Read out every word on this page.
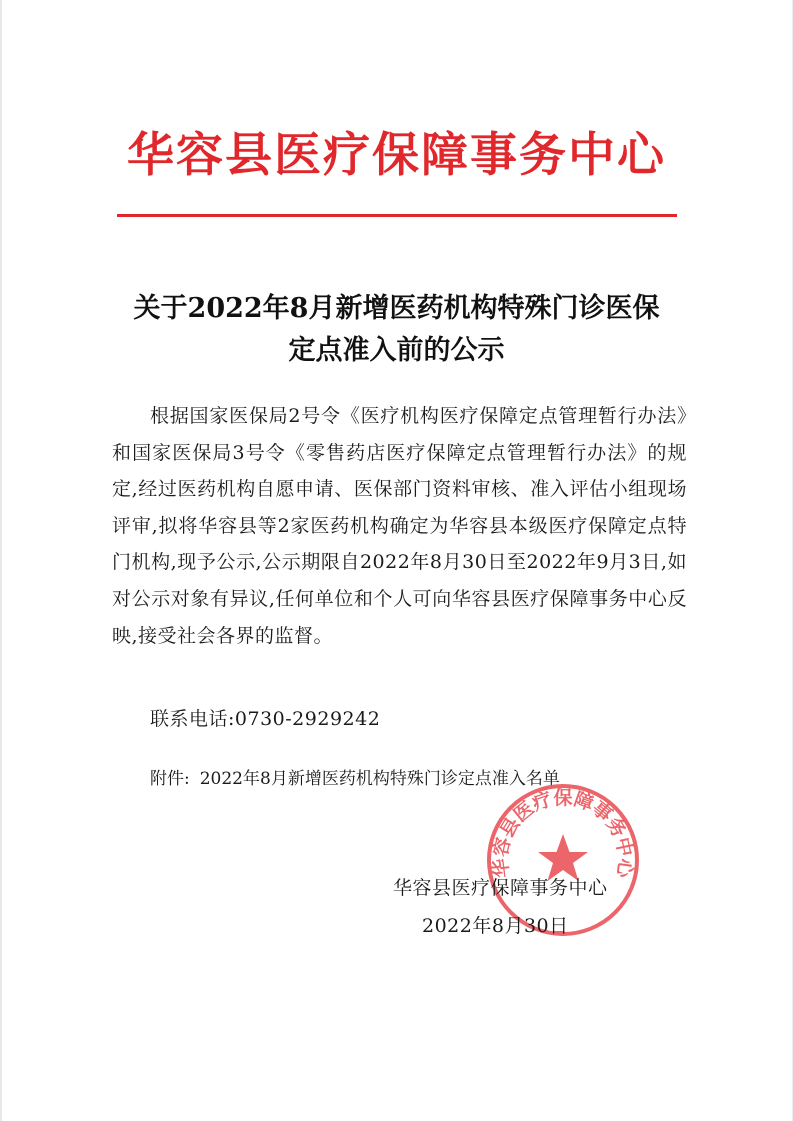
华容县医疗保障事务中心
关于2022年8月新增医药机构特殊门诊医保
定点准入前的公示
根据国家医保局2号令《医疗机构医疗保障定点管理暂行办法》和国家医保局3号令《零售药店医疗保障定点管理暂行办法》的规定,经过医药机构自愿申请、医保部门资料审核、准入评估小组现场评审,拟将华容县等2家医药机构确定为华容县本级医疗保障定点特门机构,现予公示,公示期限自2022年8月30日至2022年9月3日,如对公示对象有异议,任何单位和个人可向华容县医疗保障事务中心反映,接受社会各界的监督。
联系电话:0730-2929242
附件: 2022年8月新增医药机构特殊门诊定点准入名单
华容县医疗保障事务中心
华容县医疗保障事务中心
2022年8月30日
